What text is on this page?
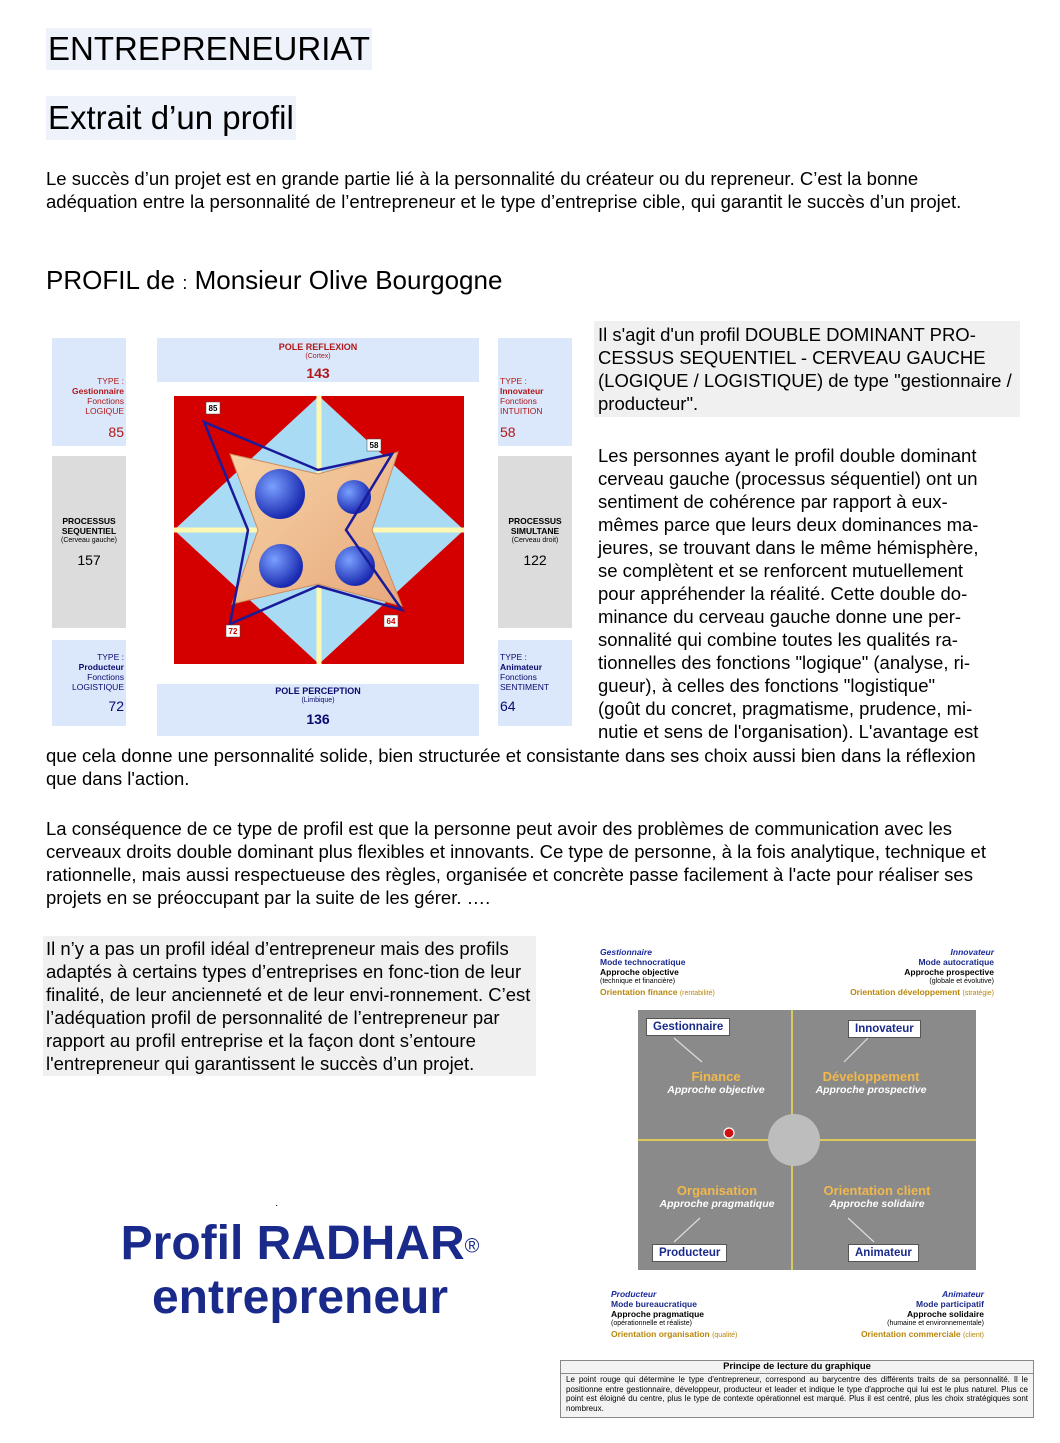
ENTREPRENEURIAT
Extrait d’un profil
Le succès d’un projet est en grande partie lié à la personnalité du créateur ou du repreneur. C’est la bonne adéquation entre la personnalité de l’entrepreneur et le type d’entreprise cible, qui garantit le succès d’un projet.
PROFIL de : Monsieur Olive Bourgogne
TYPE :
Gestionnaire
Fonctions
LOGIQUE
85
PROCESSUS
SEQUENTIEL
(Cerveau gauche)
157
TYPE :
Producteur
Fonctions
LOGISTIQUE
72
TYPE :
Innovateur
Fonctions
INTUITION
58
PROCESSUS
SIMULTANE
(Cerveau droit)
122
TYPE :
Animateur
Fonctions
SENTIMENT
64
POLE REFLEXION
(Cortex)
143
POLE PERCEPTION
(Limbique)
136
85
58
72
64
Il s'agit d'un profil DOUBLE DOMINANT PRO-CESSUS SEQUENTIEL - CERVEAU GAUCHE (LOGIQUE / LOGISTIQUE) de type "gestionnaire / producteur".
Les personnes ayant le profil double dominant
cerveau gauche (processus séquentiel) ont un
sentiment de cohérence par rapport à eux-
mêmes parce que leurs deux dominances ma-
jeures, se trouvant dans le même hémisphère,
se complètent et se renforcent mutuellement
pour appréhender la réalité. Cette double do-
minance du cerveau gauche donne une per-
sonnalité qui combine toutes les qualités ra-
tionnelles des fonctions "logique" (analyse, ri-
gueur), à celles des fonctions "logistique"
(goût du concret, pragmatisme, prudence, mi-
nutie et sens de l'organisation). L'avantage est
que cela donne une personnalité solide, bien structurée et consistante dans ses choix aussi bien dans la réflexion que dans l'action.
La conséquence de ce type de profil est que la personne peut avoir des problèmes de communication avec les cerveaux droits double dominant plus flexibles et innovants. Ce type de personne, à la fois analytique, technique et rationnelle, mais aussi respectueuse des règles, organisée et concrète passe facilement à l'acte pour réaliser ses projets en se préoccupant par la suite de les gérer. ….
Il n’y a pas un profil idéal d’entrepreneur mais des profils adaptés à certains types d’entreprises en fonc-tion de leur finalité, de leur ancienneté et de leur envi-ronnement. C’est l’adéquation profil de personnalité de l’entrepreneur par rapport au profil entreprise et la façon dont s’entoure l'entrepreneur qui garantissent le succès d’un projet.
·
Profil RADHAR®
entrepreneur
Gestionnaire
Mode technocratique
Approche objective
(technique et financière)
Orientation finance (rentabilité)
Innovateur
Mode autocratique
Approche prospective
(globale et évolutive)
Orientation développement (stratégie)
Gestionnaire	Innovateur
Producteur	Animateur
Finance
Approche objective
Développement
Approche prospective
Organisation
Approche pragmatique
Orientation client
Approche solidaire
Producteur
Mode bureaucratique
Approche pragmatique
(opérationnelle et réaliste)
Orientation organisation (qualité)
Animateur
Mode participatif
Approche solidaire
(humaine et environnementale)
Orientation commerciale (client)
Principe de lecture du graphique
Le point rouge qui détermine le type d'entrepreneur, correspond au barycentre des différents traits de sa personnalité. Il le positionne entre gestionnaire, développeur, producteur et leader et indique le type d'approche qui lui est le plus naturel. Plus ce point est éloigné du centre, plus le type de contexte opérationnel est marqué. Plus il est centré, plus les choix stratégiques sont nombreux.
